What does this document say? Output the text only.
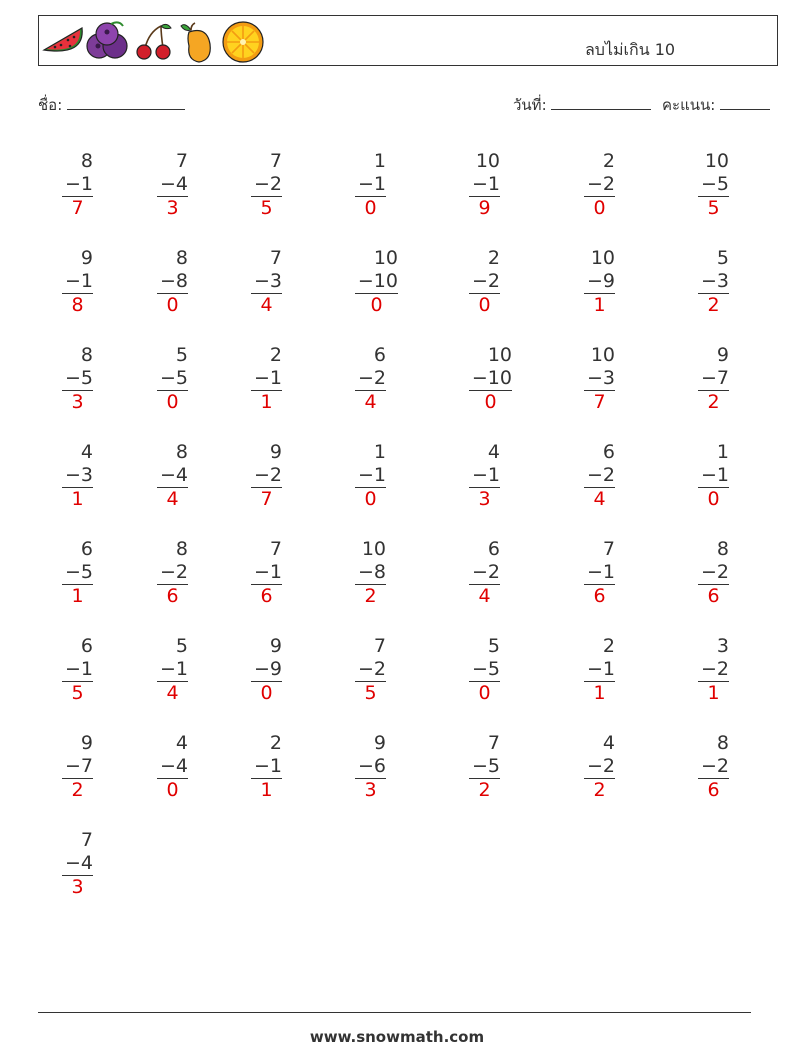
ลบไม่เกิน 10
ชื่อ:	วันที่:	คะแนน:
8
−1
7
7
−4
3
7
−2
5
1
−1
0
10
−1
9
2
−2
0
10
−5
5
9
−1
8
8
−8
0
7
−3
4
10
−10
0
2
−2
0
10
−9
1
5
−3
2
8
−5
3
5
−5
0
2
−1
1
6
−2
4
10
−10
0
10
−3
7
9
−7
2
4
−3
1
8
−4
4
9
−2
7
1
−1
0
4
−1
3
6
−2
4
1
−1
0
6
−5
1
8
−2
6
7
−1
6
10
−8
2
6
−2
4
7
−1
6
8
−2
6
6
−1
5
5
−1
4
9
−9
0
7
−2
5
5
−5
0
2
−1
1
3
−2
1
9
−7
2
4
−4
0
2
−1
1
9
−6
3
7
−5
2
4
−2
2
8
−2
6
7
−4
3
www.snowmath.com
